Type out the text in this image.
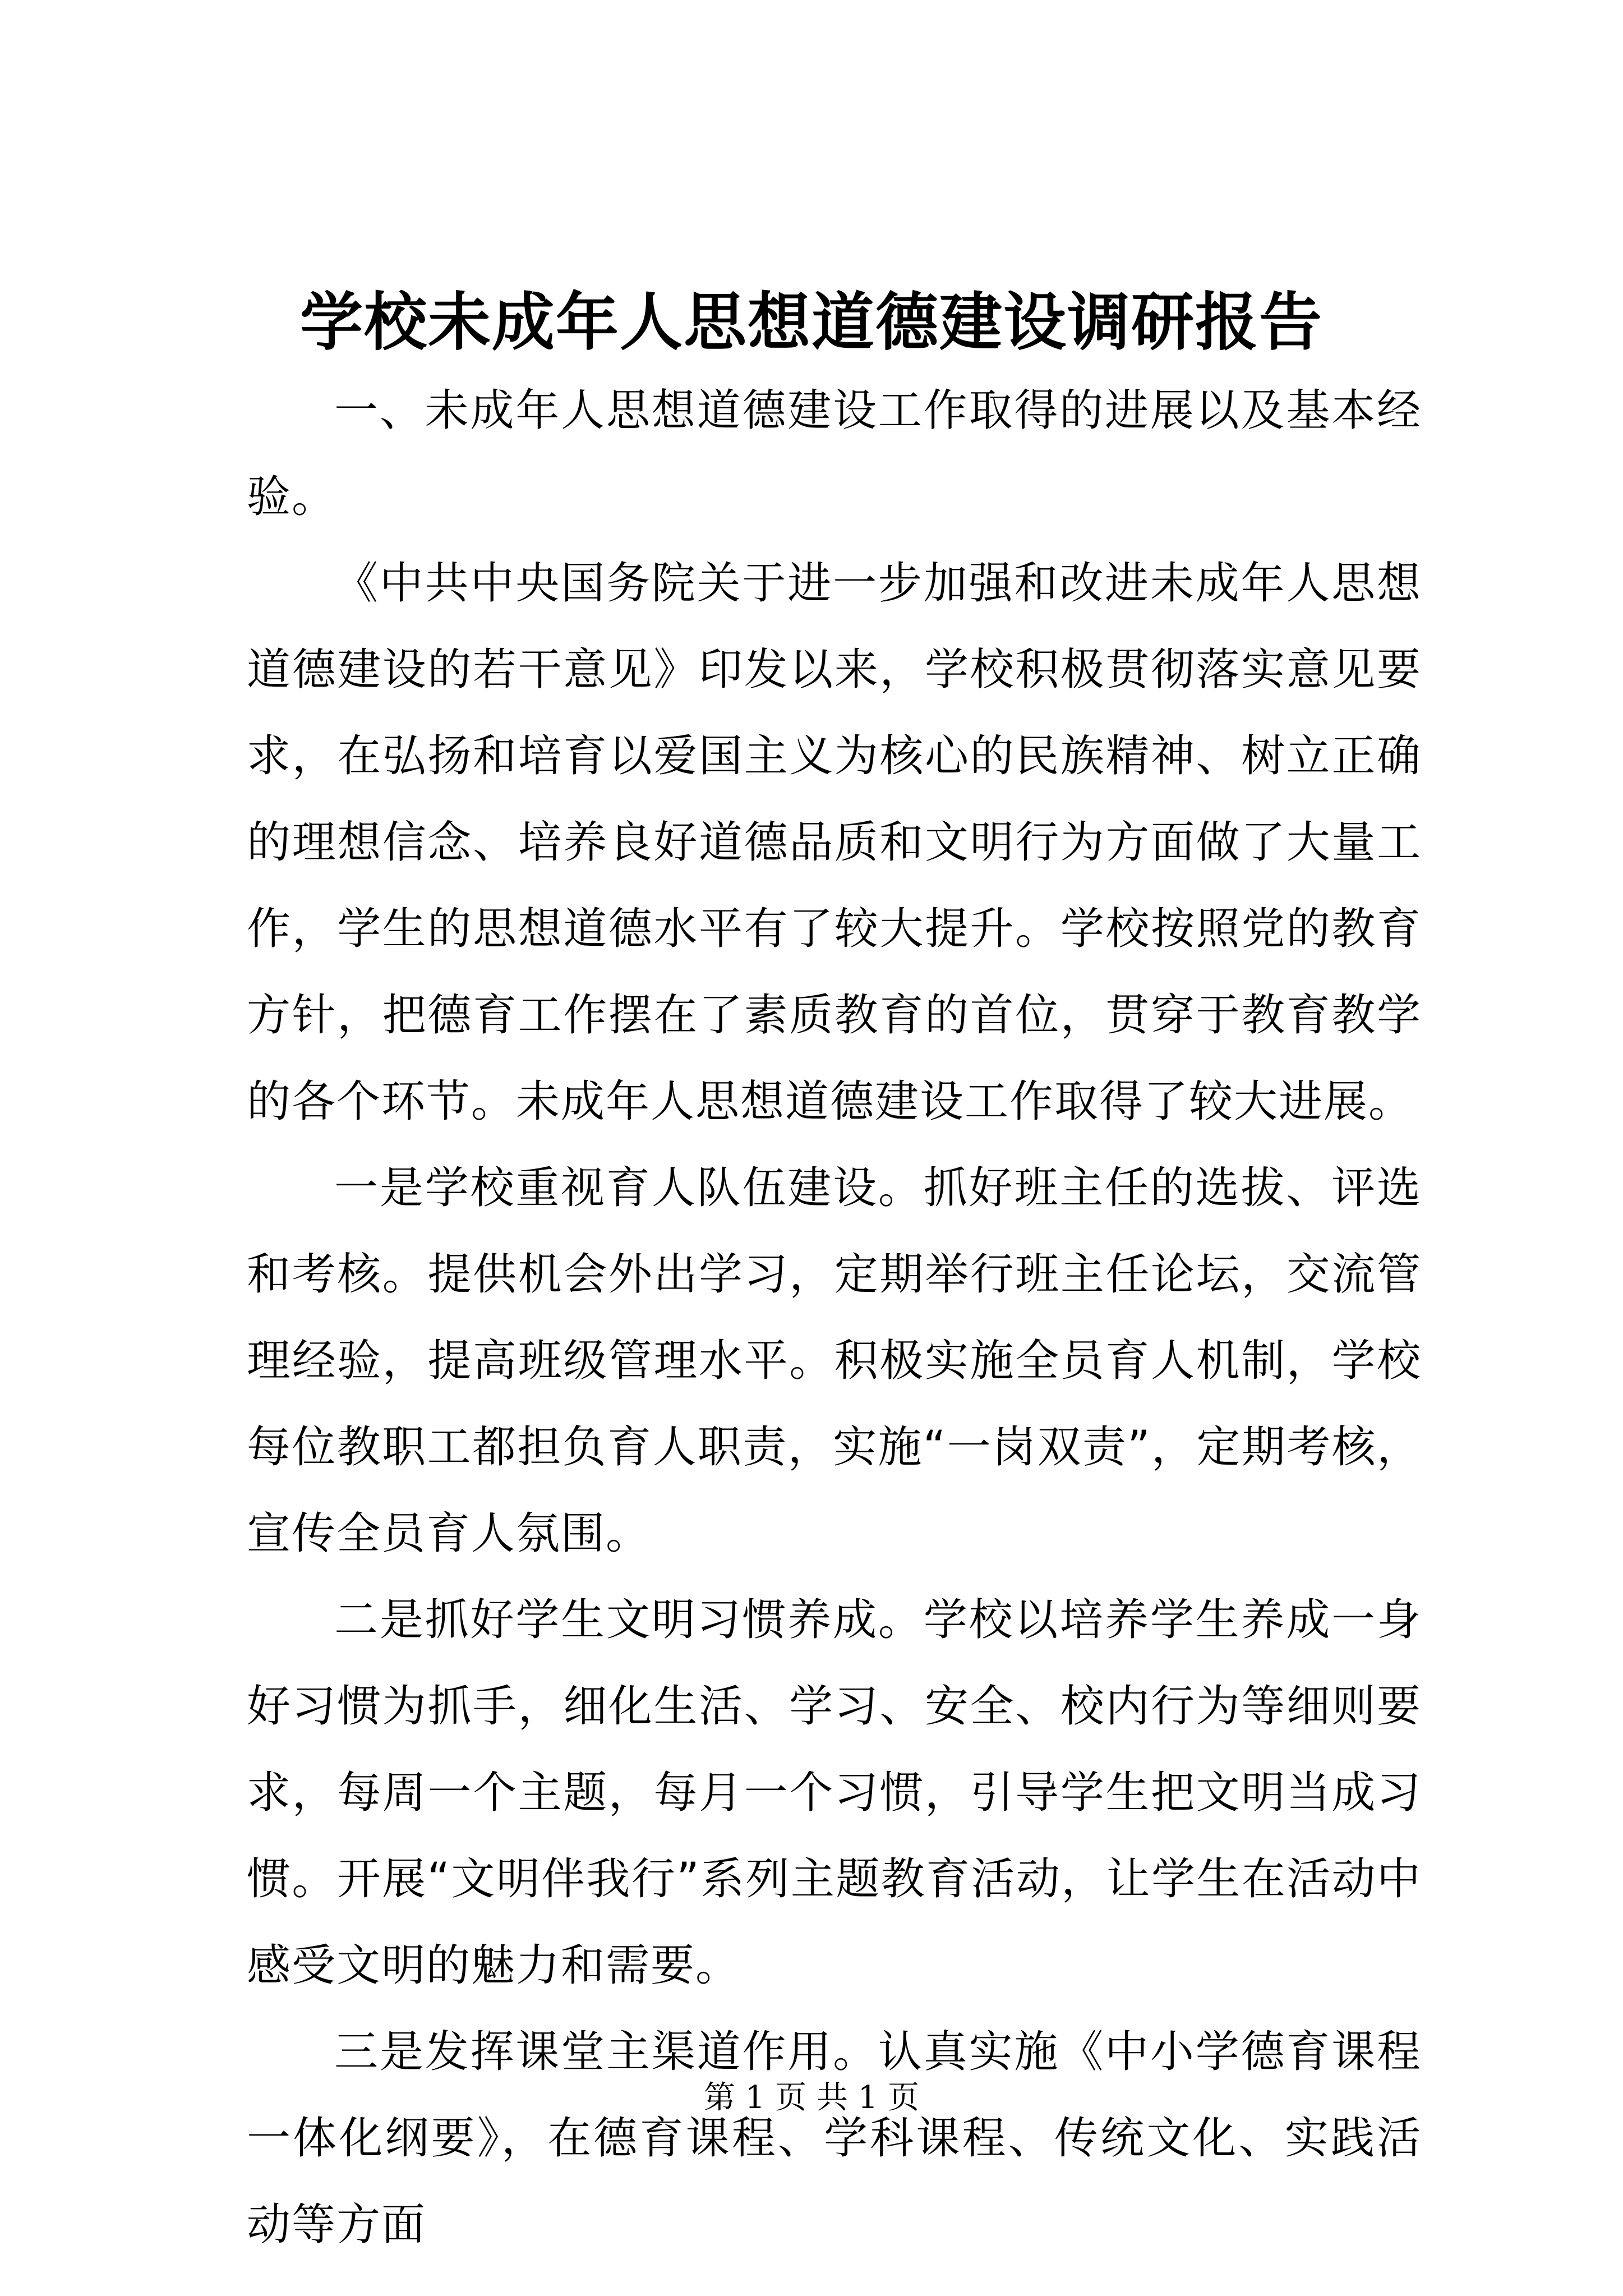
学校未成年人思想道德建设调研报告

一、未成年人思想道德建设工作取得的进展以及基本经验。

《中共中央国务院关于进一步加强和改进未成年人思想道德建设的若干意见》印发以来，学校积极贯彻落实意见要求，在弘扬和培育以爱国主义为核心的民族精神、树立正确的理想信念、培养良好道德品质和文明行为方面做了大量工作，学生的思想道德水平有了较大提升。学校按照党的教育方针，把德育工作摆在了素质教育的首位，贯穿于教育教学的各个环节。未成年人思想道德建设工作取得了较大进展。

一是学校重视育人队伍建设。抓好班主任的选拔、评选和考核。提供机会外出学习，定期举行班主任论坛，交流管理经验，提高班级管理水平。积极实施全员育人机制，学校每位教职工都担负育人职责，实施“一岗双责”，定期考核，宣传全员育人氛围。

二是抓好学生文明习惯养成。学校以培养学生养成一身好习惯为抓手，细化生活、学习、安全、校内行为等细则要求，每周一个主题，每月一个习惯，引导学生把文明当成习惯。开展“文明伴我行”系列主题教育活动，让学生在活动中感受文明的魅力和需要。

三是发挥课堂主渠道作用。认真实施《中小学德育课程一体化纲要》，在德育课程、学科课程、传统文化、实践活动等方面

第 1 页 共 1 页
